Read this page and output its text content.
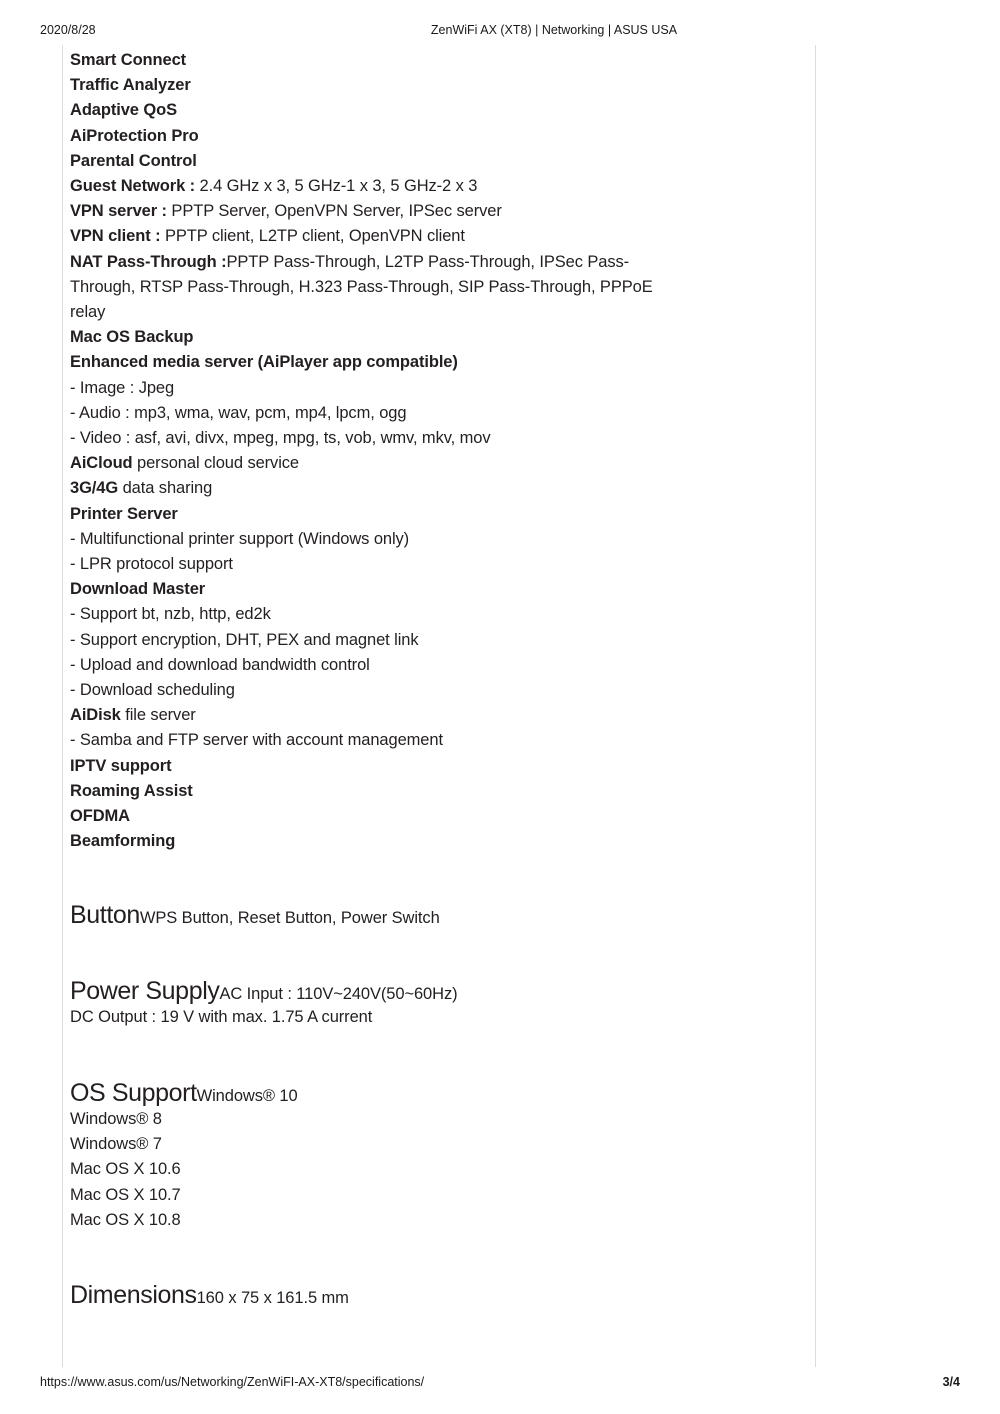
2020/8/28	ZenWiFi AX (XT8) | Networking | ASUS USA
Smart Connect
Traffic Analyzer
Adaptive QoS
AiProtection Pro
Parental Control
Guest Network : 2.4 GHz x 3, 5 GHz-1 x 3, 5 GHz-2 x 3
VPN server : PPTP Server, OpenVPN Server, IPSec server
VPN client : PPTP client, L2TP client, OpenVPN client
NAT Pass-Through :PPTP Pass-Through, L2TP Pass-Through, IPSec Pass-Through, RTSP Pass-Through, H.323 Pass-Through, SIP Pass-Through, PPPoE relay
Mac OS Backup
Enhanced media server (AiPlayer app compatible)
- Image : Jpeg
- Audio : mp3, wma, wav, pcm, mp4, lpcm, ogg
- Video : asf, avi, divx, mpeg, mpg, ts, vob, wmv, mkv, mov
AiCloud personal cloud service
3G/4G data sharing
Printer Server
- Multifunctional printer support (Windows only)
- LPR protocol support
Download Master
- Support bt, nzb, http, ed2k
- Support encryption, DHT, PEX and magnet link
- Upload and download bandwidth control
- Download scheduling
AiDisk file server
- Samba and FTP server with account management
IPTV support
Roaming Assist
OFDMA
Beamforming
ButtonWPS Button, Reset Button, Power Switch
Power SupplyAC Input : 110V~240V(50~60Hz)
DC Output : 19 V with max. 1.75 A current
OS SupportWindows® 10
Windows® 8
Windows® 7
Mac OS X 10.6
Mac OS X 10.7
Mac OS X 10.8
Dimensions160 x 75 x 161.5 mm
https://www.asus.com/us/Networking/ZenWiFI-AX-XT8/specifications/	3/4
